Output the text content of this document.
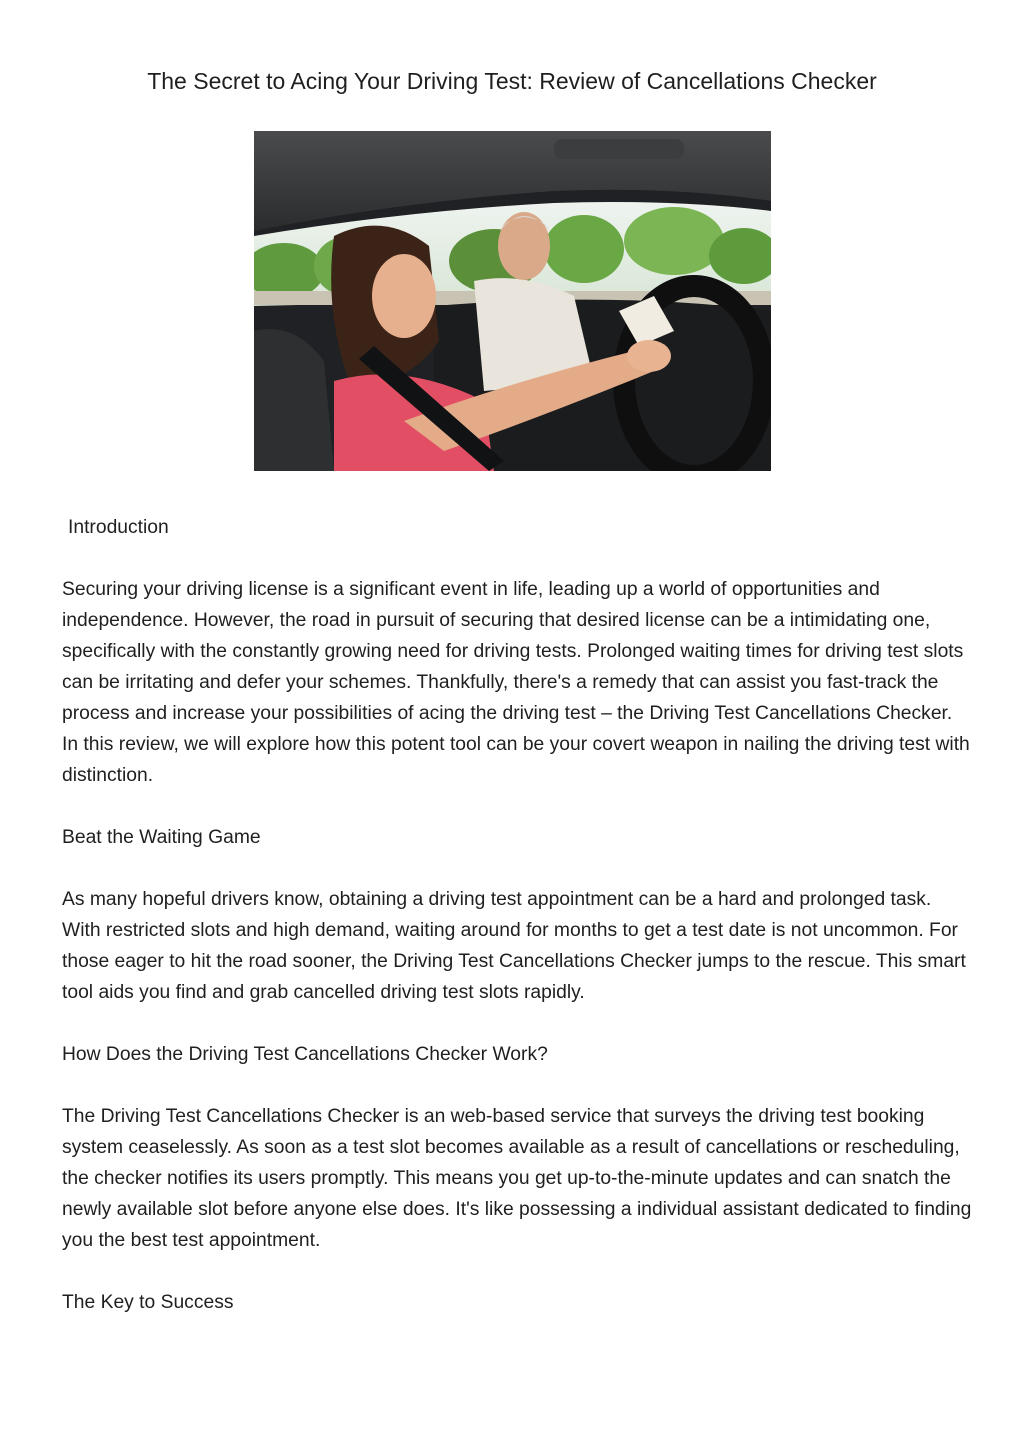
The Secret to Acing Your Driving Test: Review of Cancellations Checker

Introduction

Securing your driving license is a significant event in life, leading up a world of opportunities and independence. However, the road in pursuit of securing that desired license can be a intimidating one, specifically with the constantly growing need for driving tests. Prolonged waiting times for driving test slots can be irritating and defer your schemes. Thankfully, there's a remedy that can assist you fast-track the process and increase your possibilities of acing the driving test – the Driving Test Cancellations Checker. In this review, we will explore how this potent tool can be your covert weapon in nailing the driving test with distinction.

Beat the Waiting Game

As many hopeful drivers know, obtaining a driving test appointment can be a hard and prolonged task. With restricted slots and high demand, waiting around for months to get a test date is not uncommon. For those eager to hit the road sooner, the Driving Test Cancellations Checker jumps to the rescue. This smart tool aids you find and grab cancelled driving test slots rapidly.

How Does the Driving Test Cancellations Checker Work?

The Driving Test Cancellations Checker is an web-based service that surveys the driving test booking system ceaselessly. As soon as a test slot becomes available as a result of cancellations or rescheduling, the checker notifies its users promptly. This means you get up-to-the-minute updates and can snatch the newly available slot before anyone else does. It's like possessing a individual assistant dedicated to finding you the best test appointment.

The Key to Success
